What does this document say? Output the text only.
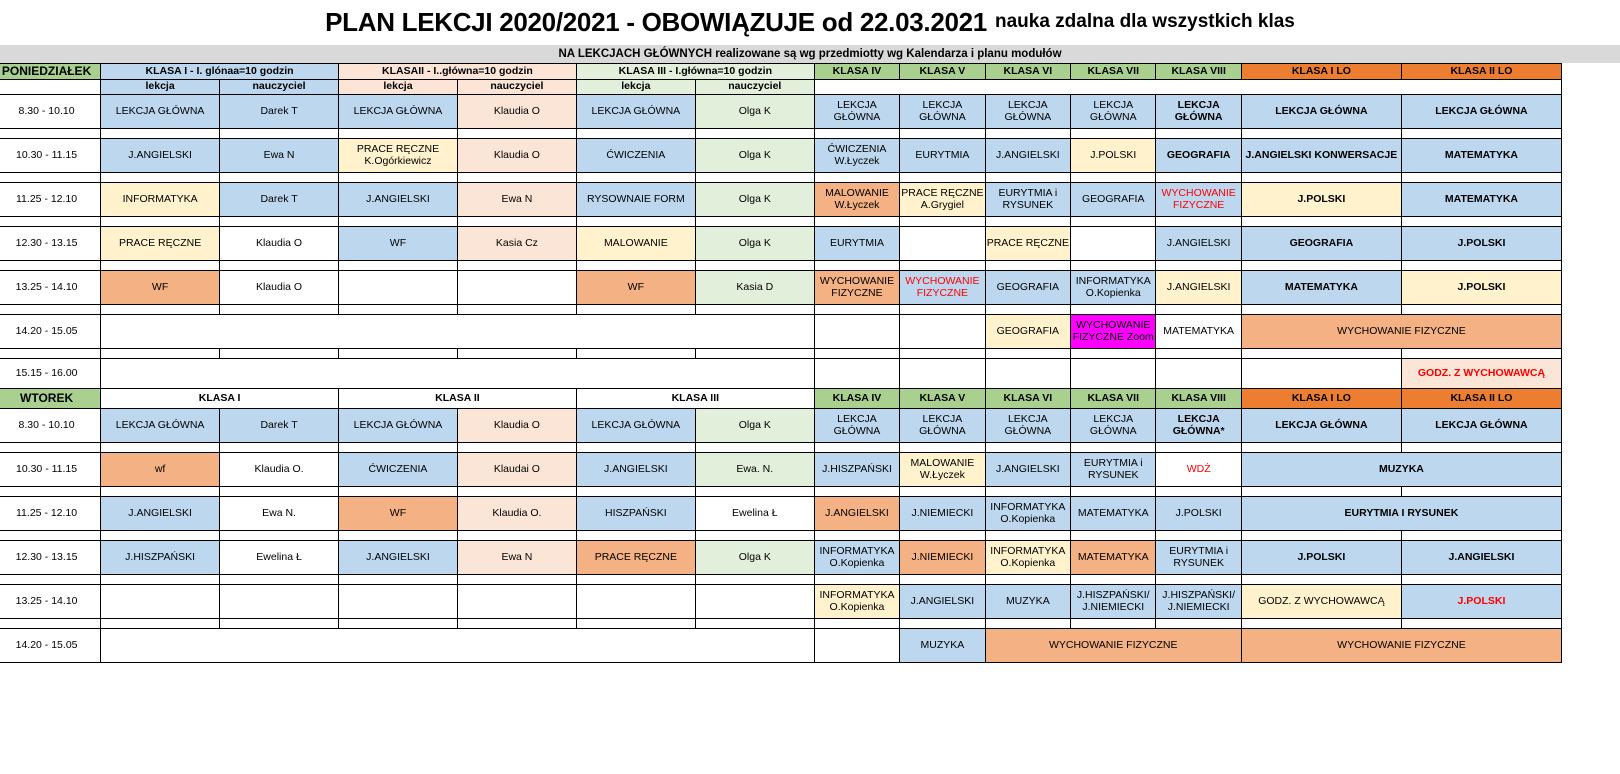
PLAN LEKCJI 2020/2021 - OBOWIĄZUJE od 22.03.2021 nauka zdalna dla wszystkich klas
NA LEKCJACH GŁÓWNYCH realizowane są wg przedmiotty wg Kalendarza i planu modułów
PONIEDZIAŁEK	KLASA I - I. glónaa=10 godzin		KLASAII - I..główna=10 godzin		KLASA III - I.główna=10 godzin		KLASA IV	KLASA V	KLASA VI	KLASA VII	KLASA VIII	KLASA I LO	KLASA II LO
	lekcja	nauczyciel	lekcja	nauczyciel	lekcja	nauczyciel							
8.30 - 10.10	LEKCJA GŁÓWNA	Darek T	LEKCJA GŁÓWNA	Klaudia O	LEKCJA GŁÓWNA	Olga K	LEKCJA GŁÓWNA	LEKCJA GŁÓWNA	LEKCJA GŁÓWNA	LEKCJA GŁÓWNA	LEKCJA GŁÓWNA	LEKCJA GŁÓWNA	LEKCJA GŁÓWNA

10.30 - 11.15	J.ANGIELSKI	Ewa N	PRACE RĘCZNE K.Ogórkiewicz	Klaudia O	ĆWICZENIA	Olga K	ĆWICZENIA W.Łyczek	EURYTMIA	J.ANGIELSKI	J.POLSKI	GEOGRAFIA	J.ANGIELSKI KONWERSACJE	MATEMATYKA

11.25 - 12.10	INFORMATYKA	Darek T	J.ANGIELSKI	Ewa N	RYSOWNAIE FORM	Olga K	MALOWANIE W.Łyczek	PRACE RĘCZNE A.Grygiel	EURYTMIA i RYSUNEK	GEOGRAFIA	WYCHOWANIE FIZYCZNE	J.POLSKI	MATEMATYKA

12.30 - 13.15	PRACE RĘCZNE	Klaudia O	WF	Kasia Cz	MALOWANIE	Olga K	EURYTMIA		PRACE RĘCZNE		J.ANGIELSKI	GEOGRAFIA	J.POLSKI

13.25 - 14.10	WF	Klaudia O			WF	Kasia D	WYCHOWANIE FIZYCZNE	WYCHOWANIE FIZYCZNE	GEOGRAFIA	INFORMATYKA O.Kopienka	J.ANGIELSKI	MATEMATYKA	J.POLSKI

14.20 - 15.05									GEOGRAFIA	WYCHOWANIE FIZYCZNE Zoom	MATEMATYKA	WYCHOWANIE FIZYCZNE	

15.15 - 16.00													GODZ. Z WYCHOWAWCĄ
WTOREK	KLASA I		KLASA II		KLASA III		KLASA IV	KLASA V	KLASA VI	KLASA VII	KLASA VIII	KLASA I LO	KLASA II LO
8.30 - 10.10	LEKCJA GŁÓWNA	Darek T	LEKCJA GŁÓWNA	Klaudia O	LEKCJA GŁÓWNA	Olga K	LEKCJA GŁÓWNA	LEKCJA GŁÓWNA	LEKCJA GŁÓWNA	LEKCJA GŁÓWNA	LEKCJA GŁÓWNA*	LEKCJA GŁÓWNA	LEKCJA GŁÓWNA

10.30 - 11.15	wf	Klaudia O.	ĆWICZENIA	Klaudai O	J.ANGIELSKI	Ewa. N.	J.HISZPAŃSKI	MALOWANIE W.Łyczek	J.ANGIELSKI	EURYTMIA i RYSUNEK	WDŻ	MUZYKA	

11.25 - 12.10	J.ANGIELSKI	Ewa N.	WF	Klaudia O.	HISZPAŃSKI	Ewelina Ł	J.ANGIELSKI	J.NIEMIECKI	INFORMATYKA O.Kopienka	MATEMATYKA	J.POLSKI	EURYTMIA I RYSUNEK	

12.30 - 13.15	J.HISZPAŃSKI	Ewelina Ł	J.ANGIELSKI	Ewa N	PRACE RĘCZNE	Olga K	INFORMATYKA O.Kopienka	J.NIEMIECKI	INFORMATYKA O.Kopienka	MATEMATYKA	EURYTMIA i RYSUNEK	J.POLSKI	J.ANGIELSKI

13.25 - 14.10							INFORMATYKA O.Kopienka	J.ANGIELSKI	MUZYKA	J.HISZPAŃSKI/ J.NIEMIECKI	J.HISZPAŃSKI/ J.NIEMIECKI	GODZ. Z WYCHOWAWCĄ	J.POLSKI

14.20 - 15.05								MUZYKA	WYCHOWANIE FIZYCZNE			WYCHOWANIE FIZYCZNE	
